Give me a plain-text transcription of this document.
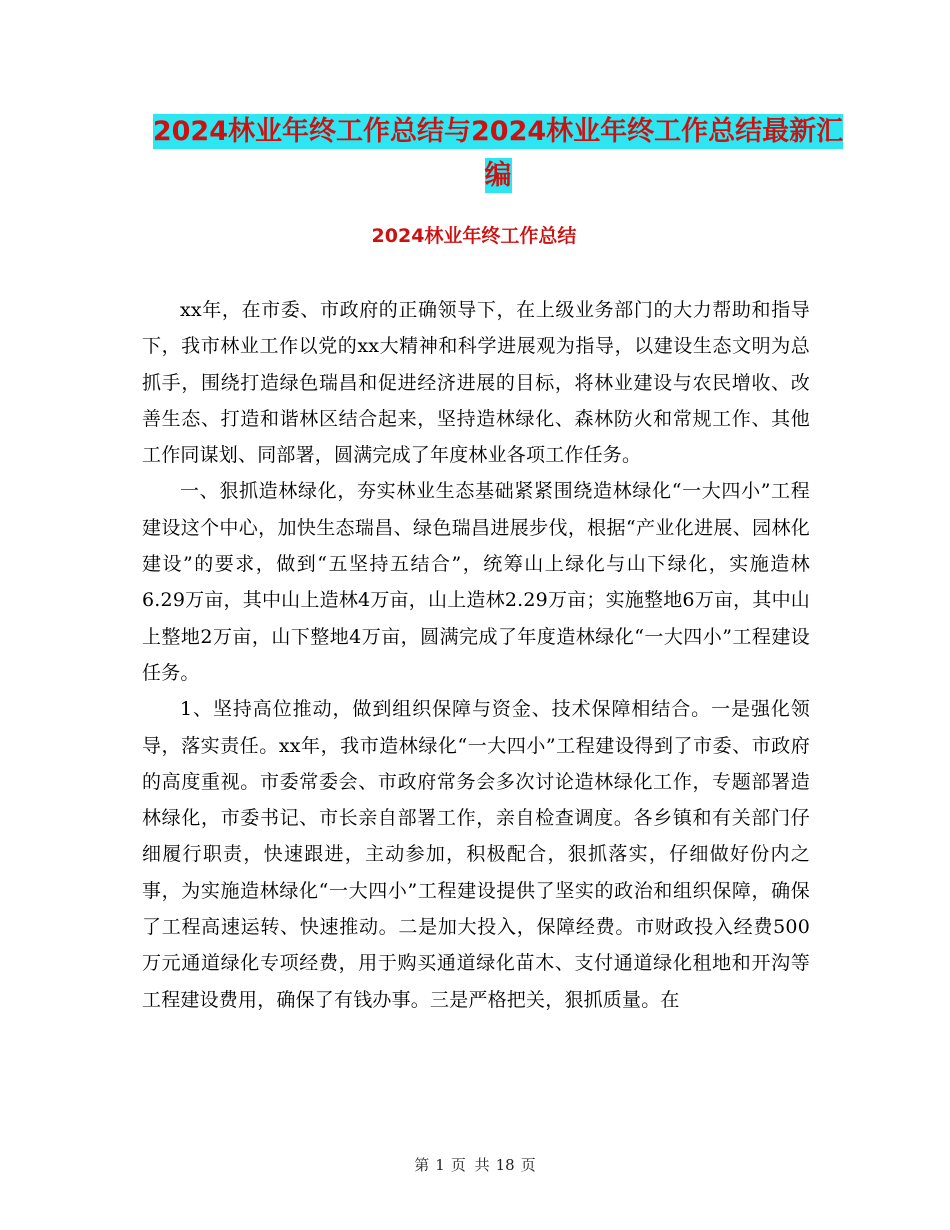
2024林业年终工作总结与2024林业年终工作总结最新汇编
2024林业年终工作总结

xx年，在市委、市政府的正确领导下，在上级业务部门的大力帮助和指导下，我市林业工作以党的xx大精神和科学进展观为指导，以建设生态文明为总抓手，围绕打造绿色瑞昌和促进经济进展的目标，将林业建设与农民增收、改善生态、打造和谐林区结合起来，坚持造林绿化、森林防火和常规工作、其他工作同谋划、同部署，圆满完成了年度林业各项工作任务。

一、狠抓造林绿化，夯实林业生态基础紧紧围绕造林绿化“一大四小”工程建设这个中心，加快生态瑞昌、绿色瑞昌进展步伐，根据“产业化进展、园林化建设”的要求，做到“五坚持五结合”，统筹山上绿化与山下绿化，实施造林6.29万亩，其中山上造林4万亩，山上造林2.29万亩；实施整地6万亩，其中山上整地2万亩，山下整地4万亩，圆满完成了年度造林绿化“一大四小”工程建设任务。

1、坚持高位推动，做到组织保障与资金、技术保障相结合。一是强化领导，落实责任。xx年，我市造林绿化“一大四小”工程建设得到了市委、市政府的高度重视。市委常委会、市政府常务会多次讨论造林绿化工作，专题部署造林绿化，市委书记、市长亲自部署工作，亲自检查调度。各乡镇和有关部门仔细履行职责，快速跟进，主动参加，积极配合，狠抓落实，仔细做好份内之事，为实施造林绿化“一大四小”工程建设提供了坚实的政治和组织保障，确保了工程高速运转、快速推动。二是加大投入，保障经费。市财政投入经费500万元通道绿化专项经费，用于购买通道绿化苗木、支付通道绿化租地和开沟等工程建设费用，确保了有钱办事。三是严格把关，狠抓质量。在

第 1 页 共 18 页
